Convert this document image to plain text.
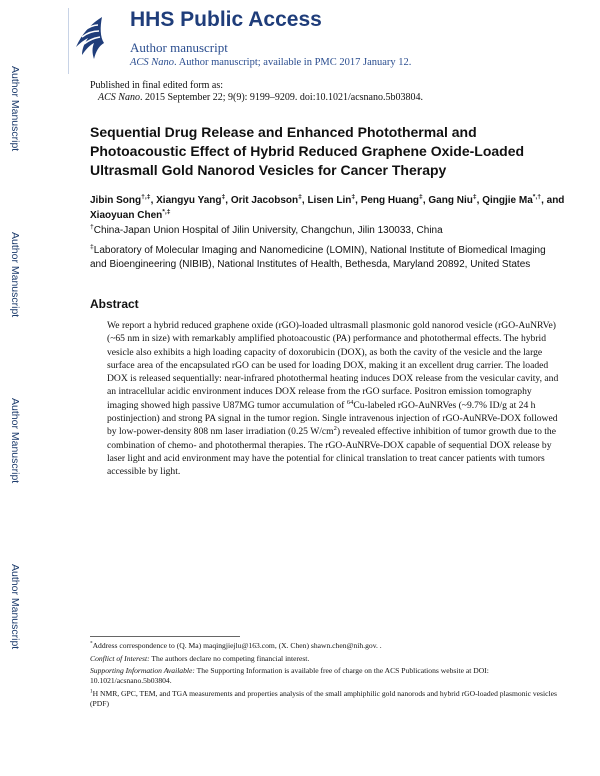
Author Manuscript
Author Manuscript
Author Manuscript
Author Manuscript
HHS Public Access
Author manuscript
ACS Nano. Author manuscript; available in PMC 2017 January 12.
Published in final edited form as:
ACS Nano. 2015 September 22; 9(9): 9199–9209. doi:10.1021/acsnano.5b03804.
Sequential Drug Release and Enhanced Photothermal and Photoacoustic Effect of Hybrid Reduced Graphene Oxide-Loaded Ultrasmall Gold Nanorod Vesicles for Cancer Therapy
Jibin Song†,‡, Xiangyu Yang‡, Orit Jacobson‡, Lisen Lin‡, Peng Huang‡, Gang Niu‡, Qingjie Ma*,†, and Xiaoyuan Chen*,‡
†China-Japan Union Hospital of Jilin University, Changchun, Jilin 130033, China
‡Laboratory of Molecular Imaging and Nanomedicine (LOMIN), National Institute of Biomedical Imaging and Bioengineering (NIBIB), National Institutes of Health, Bethesda, Maryland 20892, United States
Abstract
We report a hybrid reduced graphene oxide (rGO)-loaded ultrasmall plasmonic gold nanorod vesicle (rGO-AuNRVe) (~65 nm in size) with remarkably amplified photoacoustic (PA) performance and photothermal effects. The hybrid vesicle also exhibits a high loading capacity of doxorubicin (DOX), as both the cavity of the vesicle and the large surface area of the encapsulated rGO can be used for loading DOX, making it an excellent drug carrier. The loaded DOX is released sequentially: near-infrared photothermal heating induces DOX release from the vesicular cavity, and an intracellular acidic environment induces DOX release from the rGO surface. Positron emission tomography imaging showed high passive U87MG tumor accumulation of $^{64}$Cu-labeled rGO-AuNRVes (~9.7% ID/g at 24 h postinjection) and strong PA signal in the tumor region. Single intravenous injection of rGO-AuNRVe-DOX followed by low-power-density 808 nm laser irradiation (0.25 $W/cm^2$) revealed effective inhibition of tumor growth due to the combination of chemo- and photothermal therapies. The rGO-AuNRVe-DOX capable of sequential DOX release by laser light and acid environment may have the potential for clinical translation to treat cancer patients with tumors accessible by light.
*Address correspondence to (Q. Ma) maqingjiejlu@163.com, (X. Chen) shawn.chen@nih.gov. .
Conflict of Interest: The authors declare no competing financial interest.
Supporting Information Available: The Supporting Information is available free of charge on the ACS Publications website at DOI: 10.1021/acsnano.5b03804.
$^1$H NMR, GPC, TEM, and TGA measurements and properties analysis of the small amphiphilic gold nanorods and hybrid rGO-loaded plasmonic vesicles (PDF)
